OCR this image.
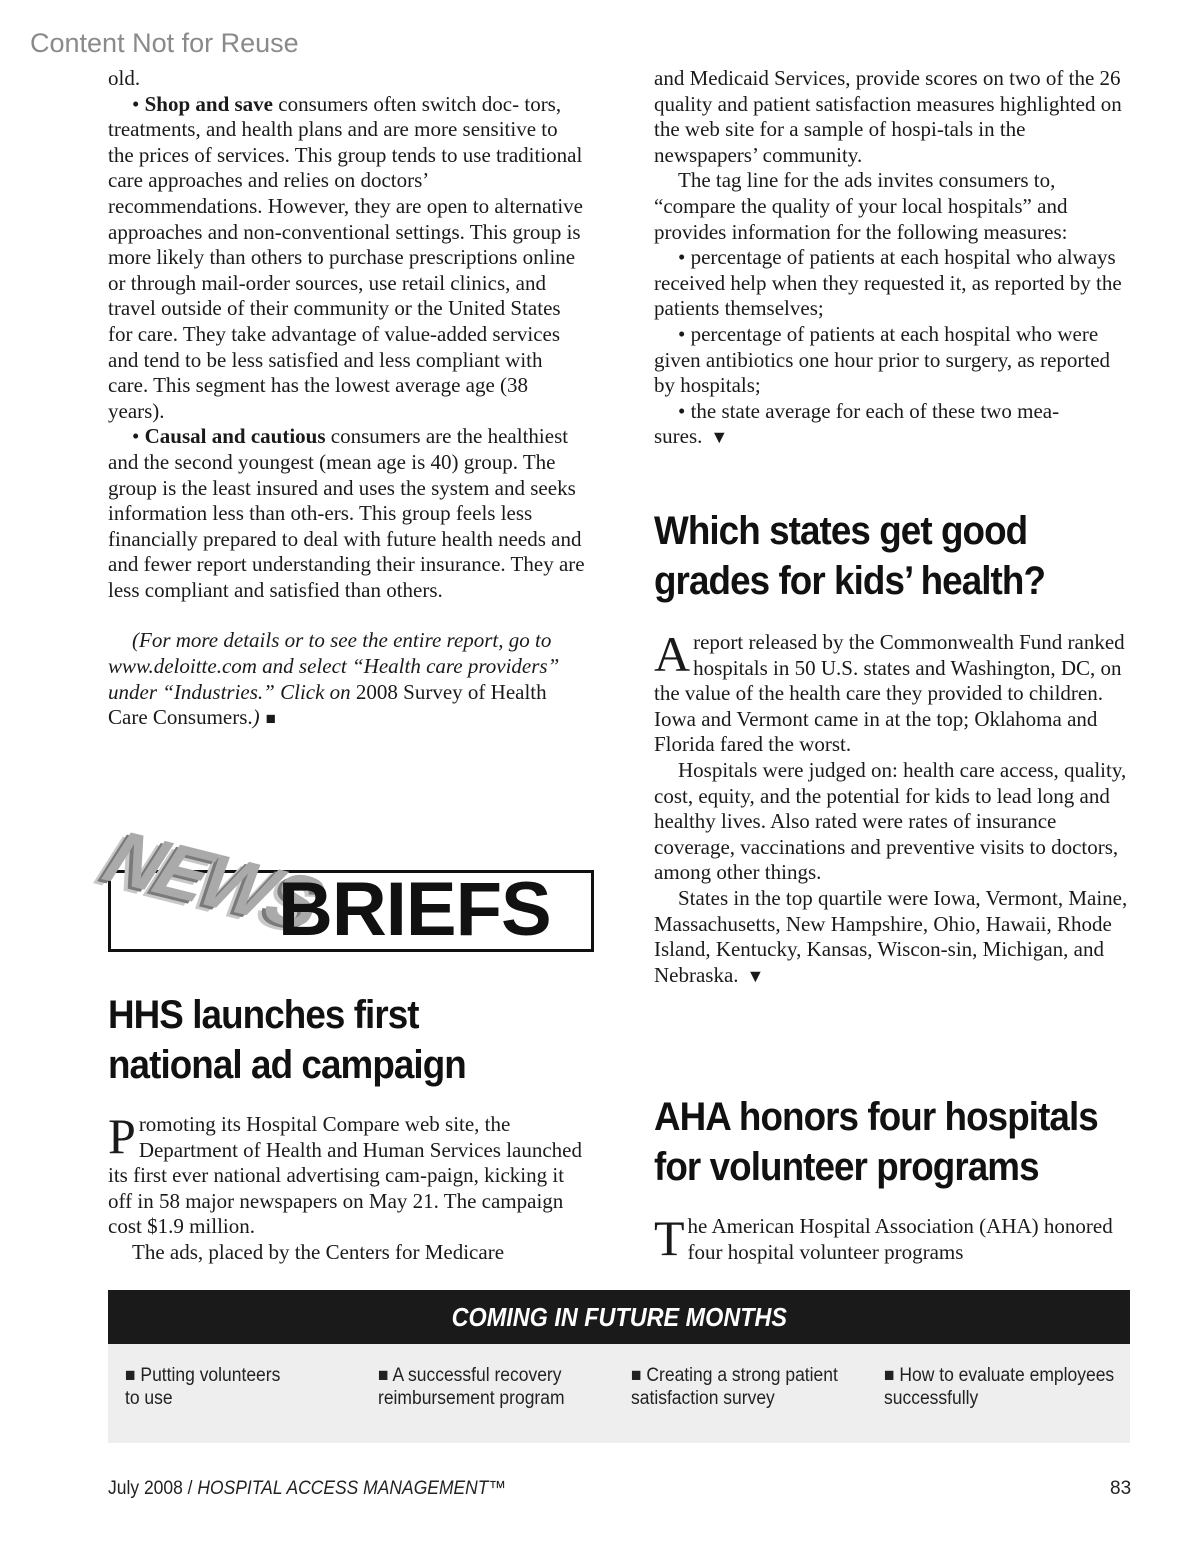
Content Not for Reuse

old.

• Shop and save consumers often switch doc- tors, treatments, and health plans and are more sensitive to the prices of services. This group tends to use traditional care approaches and relies on doctors’ recommendations. However, they are open to alternative approaches and non-conventional settings. This group is more likely than others to purchase prescriptions online or through mail-order sources, use retail clinics, and travel outside of their community or the United States for care. They take advantage of value-added services and tend to be less satisfied and less compliant with care. This segment has the lowest average age (38 years).

• Causal and cautious consumers are the healthiest and the second youngest (mean age is 40) group. The group is the least insured and uses the system and seeks information less than oth-ers. This group feels less financially prepared to deal with future health needs and and fewer report understanding their insurance. They are less compliant and satisfied than others.

(For more details or to see the entire report, go to www.deloitte.com and select “Health care providers” under “Industries.” Click on 2008 Survey of Health Care Consumers.) ■

NEWS
BRIEFS
HHS launches first
national ad campaign

Promoting its Hospital Compare web site, the Department of Health and Human Services launched its first ever national advertising cam-paign, kicking it off in 58 major newspapers on May 21. The campaign cost $1.9 million.

The ads, placed by the Centers for Medicare

and Medicaid Services, provide scores on two of the 26 quality and patient satisfaction measures highlighted on the web site for a sample of hospi-tals in the newspapers’ community.

The tag line for the ads invites consumers to, “compare the quality of your local hospitals” and provides information for the following measures:

• percentage of patients at each hospital who always received help when they requested it, as reported by the patients themselves;

• percentage of patients at each hospital who were given antibiotics one hour prior to surgery, as reported by hospitals;

• the state average for each of these two mea-sures. ▼

Which states get good
grades for kids’ health?

Areport released by the Commonwealth Fund ranked hospitals in 50 U.S. states and Washington, DC, on the value of the health care they provided to children. Iowa and Vermont came in at the top; Oklahoma and Florida fared the worst.

Hospitals were judged on: health care access, quality, cost, equity, and the potential for kids to lead long and healthy lives. Also rated were rates of insurance coverage, vaccinations and preventive visits to doctors, among other things.

States in the top quartile were Iowa, Vermont, Maine, Massachusetts, New Hampshire, Ohio, Hawaii, Rhode Island, Kentucky, Kansas, Wiscon-sin, Michigan, and Nebraska. ▼

AHA honors four hospitals
for volunteer programs

The American Hospital Association (AHA) honored four hospital volunteer programs

COMING IN FUTURE MONTHS
■ Putting volunteers
to use
■ A successful recovery
reimbursement program
■ Creating a strong patient
satisfaction survey
■ How to evaluate employees
successfully
July 2008 / HOSPITAL ACCESS MANAGEMENT™	83
